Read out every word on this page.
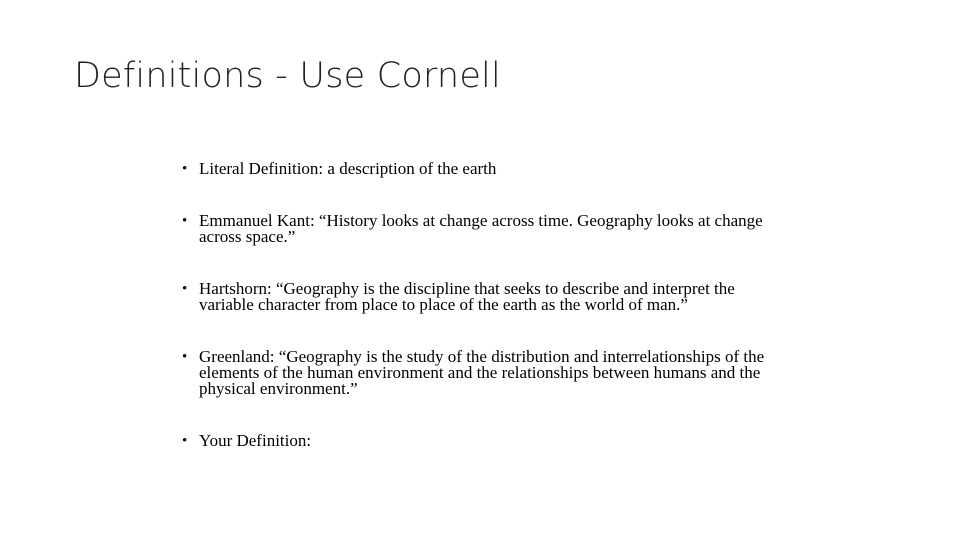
Definitions - Use Cornell
• Literal Definition: a description of the earth
• Emmanuel Kant: “History looks at change across time. Geography looks at change across space.”
• Hartshorn: “Geography is the discipline that seeks to describe and interpret the variable character from place to place of the earth as the world of man.”
• Greenland: “Geography is the study of the distribution and interrelationships of the elements of the human environment and the relationships between humans and the physical environment.”
• Your Definition:
